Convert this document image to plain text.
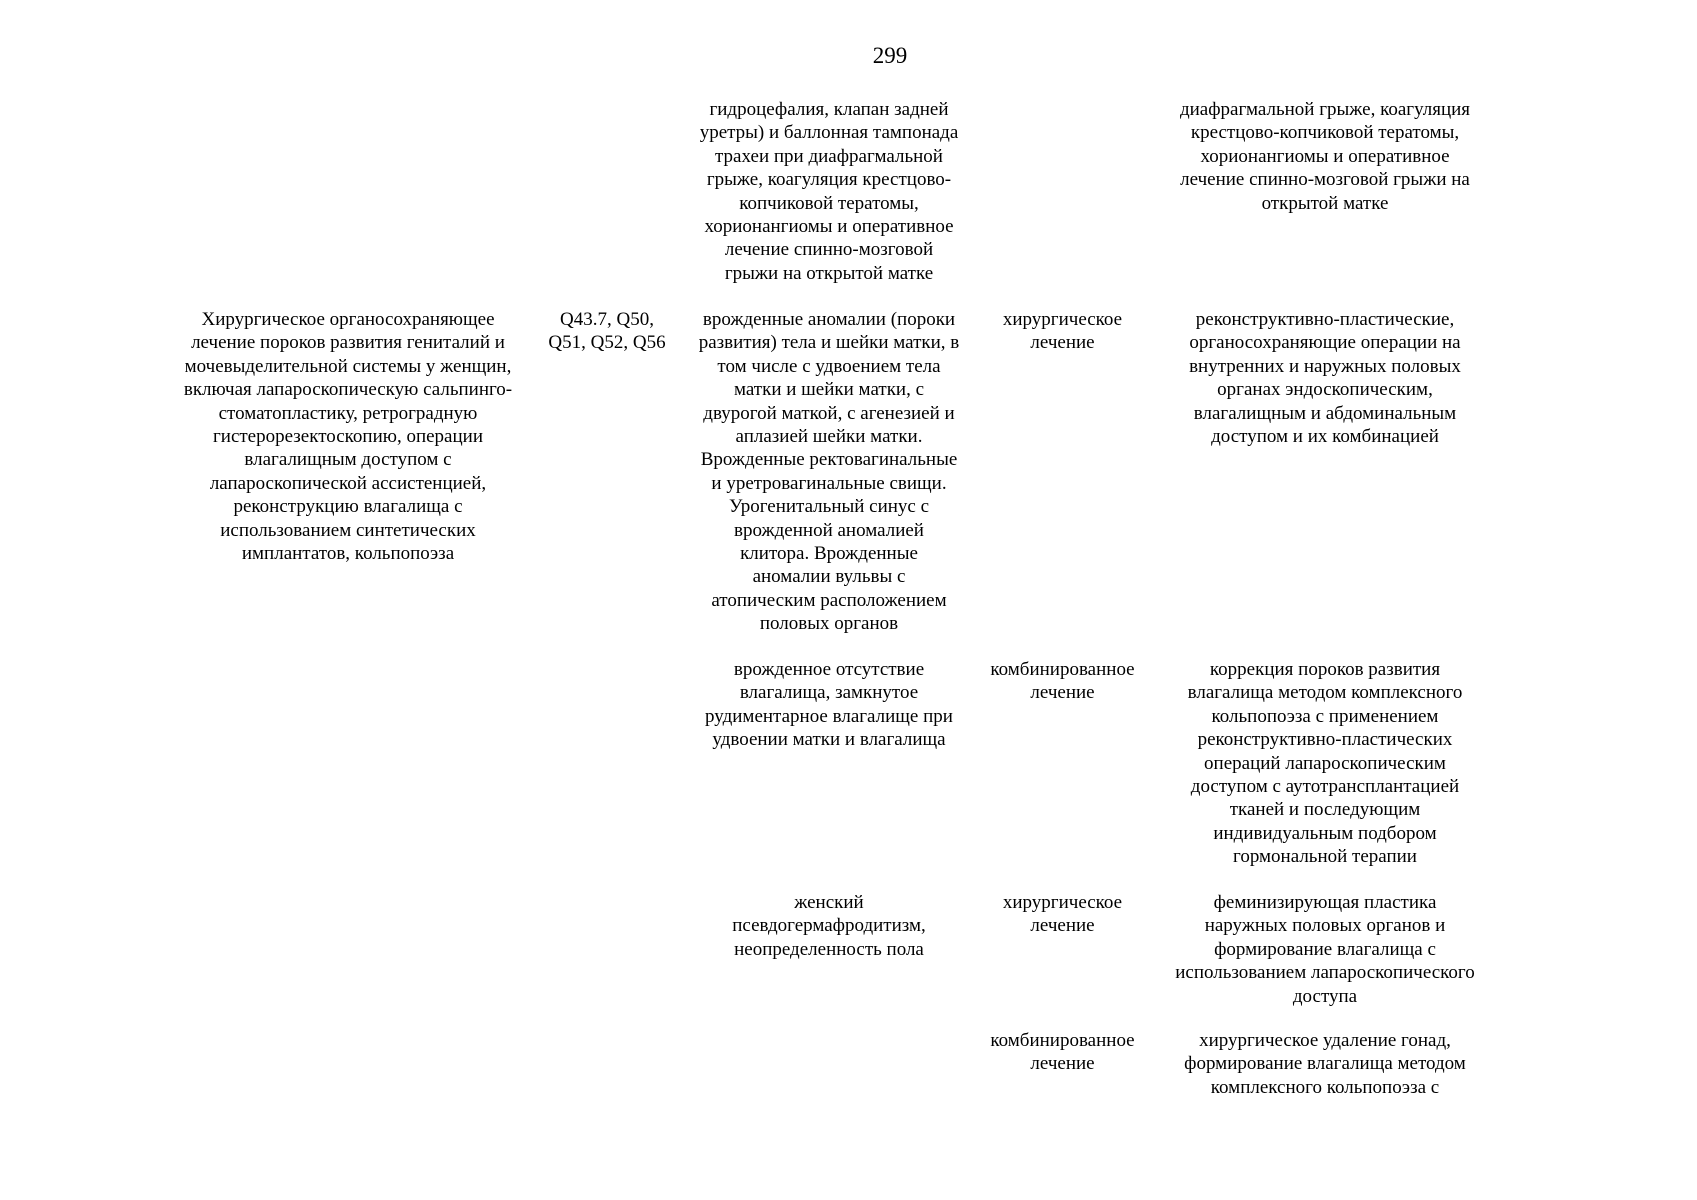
299
гидроцефалия, клапан задней
уретры) и баллонная тампонада
трахеи при диафрагмальной
грыже, коагуляция крестцово-
копчиковой тератомы,
хорионангиомы и оперативное
лечение спинно-мозговой
грыжи на открытой матке
диафрагмальной грыже, коагуляция
крестцово-копчиковой тератомы,
хорионангиомы и оперативное
лечение спинно-мозговой грыжи на
открытой матке
Хирургическое органосохраняющее
лечение пороков развития гениталий и
мочевыделительной системы у женщин,
включая лапароскопическую сальпинго-
стоматопластику, ретроградную
гистерорезектоскопию, операции
влагалищным доступом с
лапароскопической ассистенцией,
реконструкцию влагалища с
использованием синтетических
имплантатов, кольпопоэза
Q43.7, Q50,
Q51, Q52, Q56
врожденные аномалии (пороки
развития) тела и шейки матки, в
том числе с удвоением тела
матки и шейки матки, с
двурогой маткой, с агенезией и
аплазией шейки матки.
Врожденные ректовагинальные
и уретровагинальные свищи.
Урогенитальный синус с
врожденной аномалией
клитора. Врожденные
аномалии вульвы с
атопическим расположением
половых органов
хирургическое
лечение
реконструктивно-пластические,
органосохраняющие операции на
внутренних и наружных половых
органах эндоскопическим,
влагалищным и абдоминальным
доступом и их комбинацией
врожденное отсутствие
влагалища, замкнутое
рудиментарное влагалище при
удвоении матки и влагалища
комбинированное
лечение
коррекция пороков развития
влагалища методом комплексного
кольпопоэза с применением
реконструктивно-пластических
операций лапароскопическим
доступом с аутотрансплантацией
тканей и последующим
индивидуальным подбором
гормональной терапии
женский
псевдогермафродитизм,
неопределенность пола
хирургическое
лечение
феминизирующая пластика
наружных половых органов и
формирование влагалища с
использованием лапароскопического
доступа
комбинированное
лечение
хирургическое удаление гонад,
формирование влагалища методом
комплексного кольпопоэза с
